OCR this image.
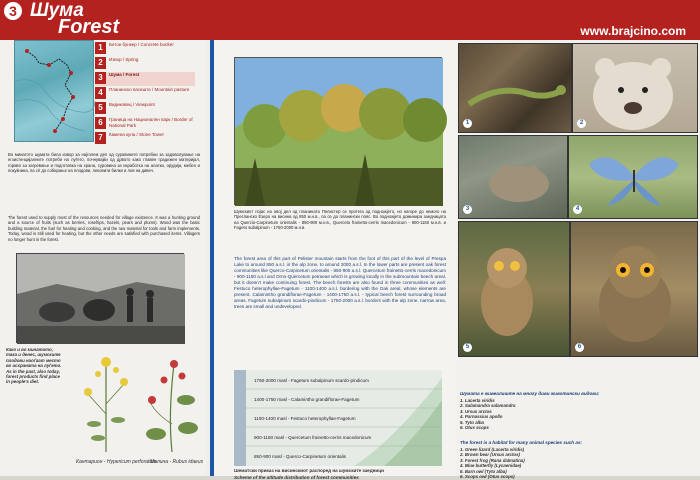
3 Шума
Forest	www.brajcino.com
1	Бетон бункер / Concrete bunker
2	Извор / Spring
3	Шума / Forest
4	Планинско пасиште / Mountain pasture
5	Видиковец / Viewpoint
6	Граница на Национален парк / Border of National Park
7	Камена кула / Stone Tower
Во минатото шумата била извор за најголем дел од суровините потребни за задоволување на егзистенцијалните потреби на луѓето, почнувајќи од дрвото како главен градежен материјал, гориво за загревање и подготовка на храна, суровина за изработка на алатки, орудија, мебел и покуќнина, па сè до собирање на плодови, лековити билки и лов на дивеч.
The forest used to supply most of the resources needed for village existence. It was a hunting ground and a source of fruits (such as berries, rosehips, hazels, pears and plums). Wood was the basic building material, the fuel for heating and cooking, and the raw material for tools and farm implements. Today, wood is still used for heating, but the other needs are satisfied with purchased items. Villagers no longer hunt in the forest.
Како и во минатото, така и денес, шумските плодови наоѓаат место во исхраната на луѓето. As in the past, also today, forest products find place in people's diet.
Кантарион - Hypericum perforatum
Малина - Rubus idaeus
Шумскиот појас на овој дел од планината Пелистер се протега од подножјето, но нагоре до немого на Преспанско Езеро на висина од 850 м.н.в., па се до планински пояс. Во подножјето доминира заедницата на Quercio-Carpinetum orientalis - 850-900 м.н.в., Querceto frainetto-cerris macedonicum - 900-1150 м.н.в. и Fageto subalpinum - 1750-2000 м.н.в.
The forest area of this part of Pelister mountain starts from the foot of this part of the level of Prespa Lake to around 850 a.s.l. in the alp zone, to around 2000 a.s.l. In the lower parts are present oak forest communities like Querco-Carpinetum orientalis - 850-900 a.s.l. Quercetum frainetto-cerris macedonicum - 900-1150 a.s.l and Orno-Quercetum petraeae which is growing locally in the submountain beech areal, but it doesn't make continuing forest. The beech forests are also found in three communities as well: Festuco heterophyllae-Fagetum - 1100-1400 a.s.l. bordering with the Oak areal, whose elements are present. Calamintho grandiflorae-Fagetum - 1400-1750 a.s.l. - typical beech forest surrounding broad areas. Fagetum subalpinum scardo-pindicum - 1750-2000 a.s.l. borders with the alp zone, narrow area, trees are small and undeveloped.
1750-2000 masl - Fagetum subalpinum scardo-pindicum
1400-1750 masl - Calamintho grandiflorae-Fagetum
1100-1400 masl - Festuco heterophyllae-Fagetum
900-1150 masl - Quercetum frainetto-cerris macedonicum
850-900 masl - Querco-Carpinetum orientalis
Шематски приказ на висинскиот распоред на шумските заедници
Scheme of the altitude distribution of forest communities
1	2
3	4
5	6
Шумата е живеалиште на многу диви животински видови:
1. Lacerta viridis
2. Salamandra salamandra
3. Ursus arctos
4. Parnassius apollo
5. Tyto alba
6. Otus scops
The forest is a habitat for many animal species such as:
1. Green lizard (Lacerta viridis)
2. Brown bear (Ursus arctos)
3. Forest frog (Rana dalmatina)
4. Blue butterfly (Lycaenidae)
5. Barn owl (Tyto alba)
6. Scops owl (Otus scops)
